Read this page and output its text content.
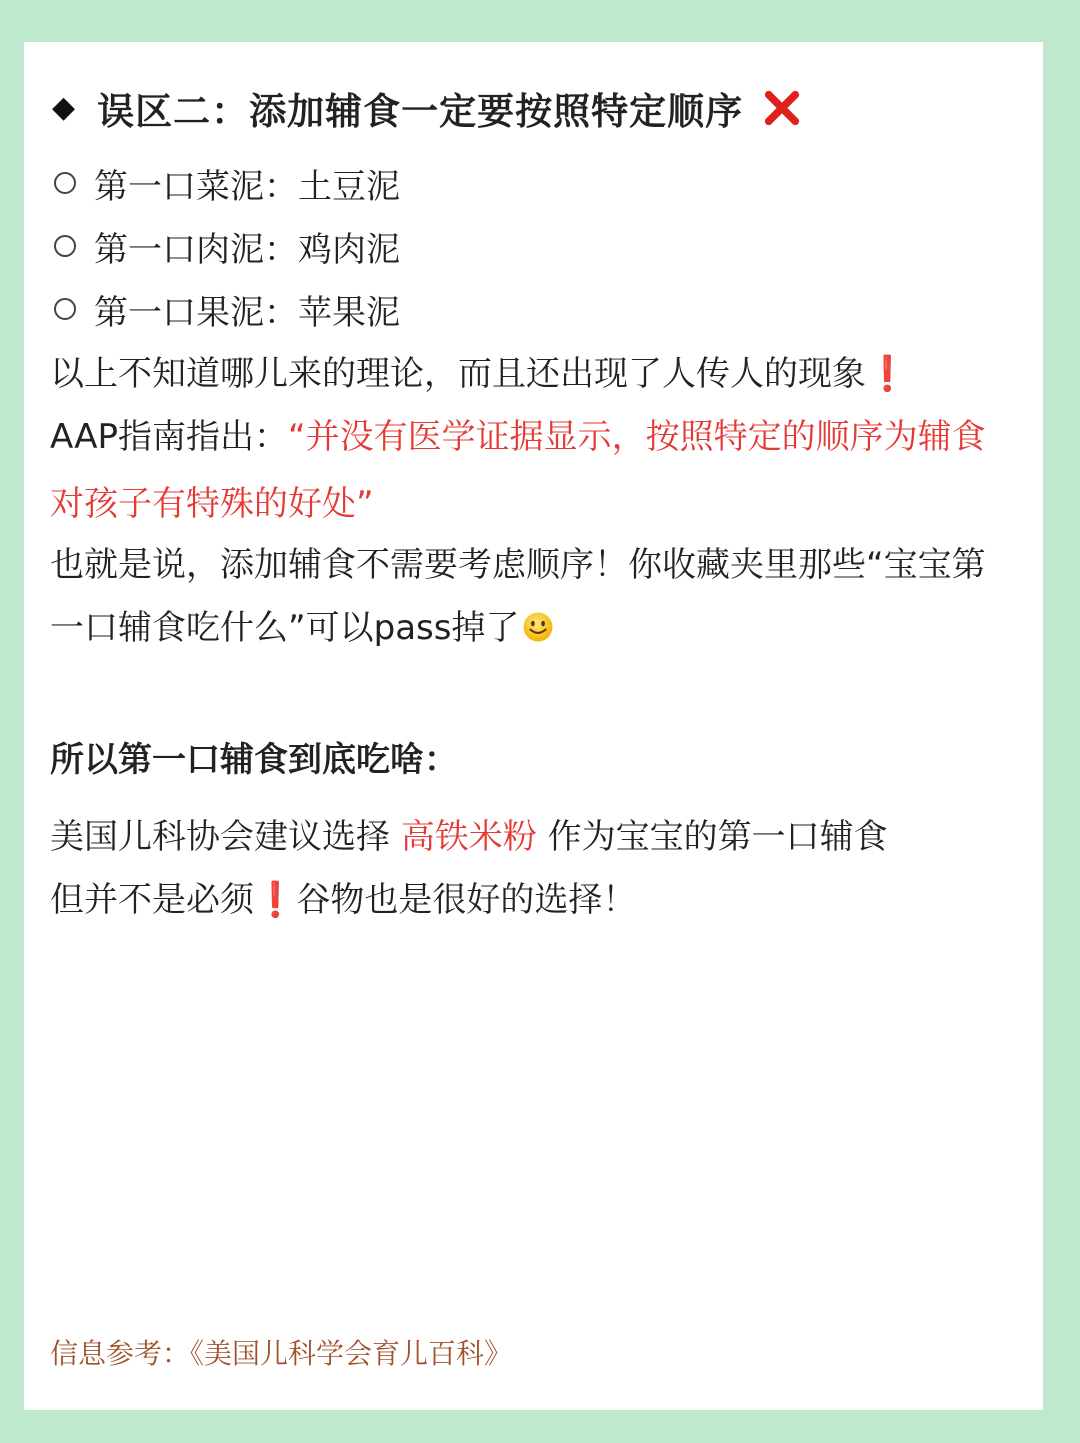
◆ 误区二：添加辅食一定要按照特定顺序
第一口菜泥：土豆泥
第一口肉泥：鸡肉泥
第一口果泥：苹果泥
以上不知道哪儿来的理论，而且还出现了人传人的现象❗
AAP指南指出：“并没有医学证据显示，按照特定的顺序为辅食
对孩子有特殊的好处”
也就是说，添加辅食不需要考虑顺序！你收藏夹里那些“宝宝第
一口辅食吃什么”可以pass掉了
所以第一口辅食到底吃啥：
美国儿科协会建议选择 高铁米粉 作为宝宝的第一口辅食
但并不是必须❗谷物也是很好的选择！
信息参考：《美国儿科学会育儿百科》
